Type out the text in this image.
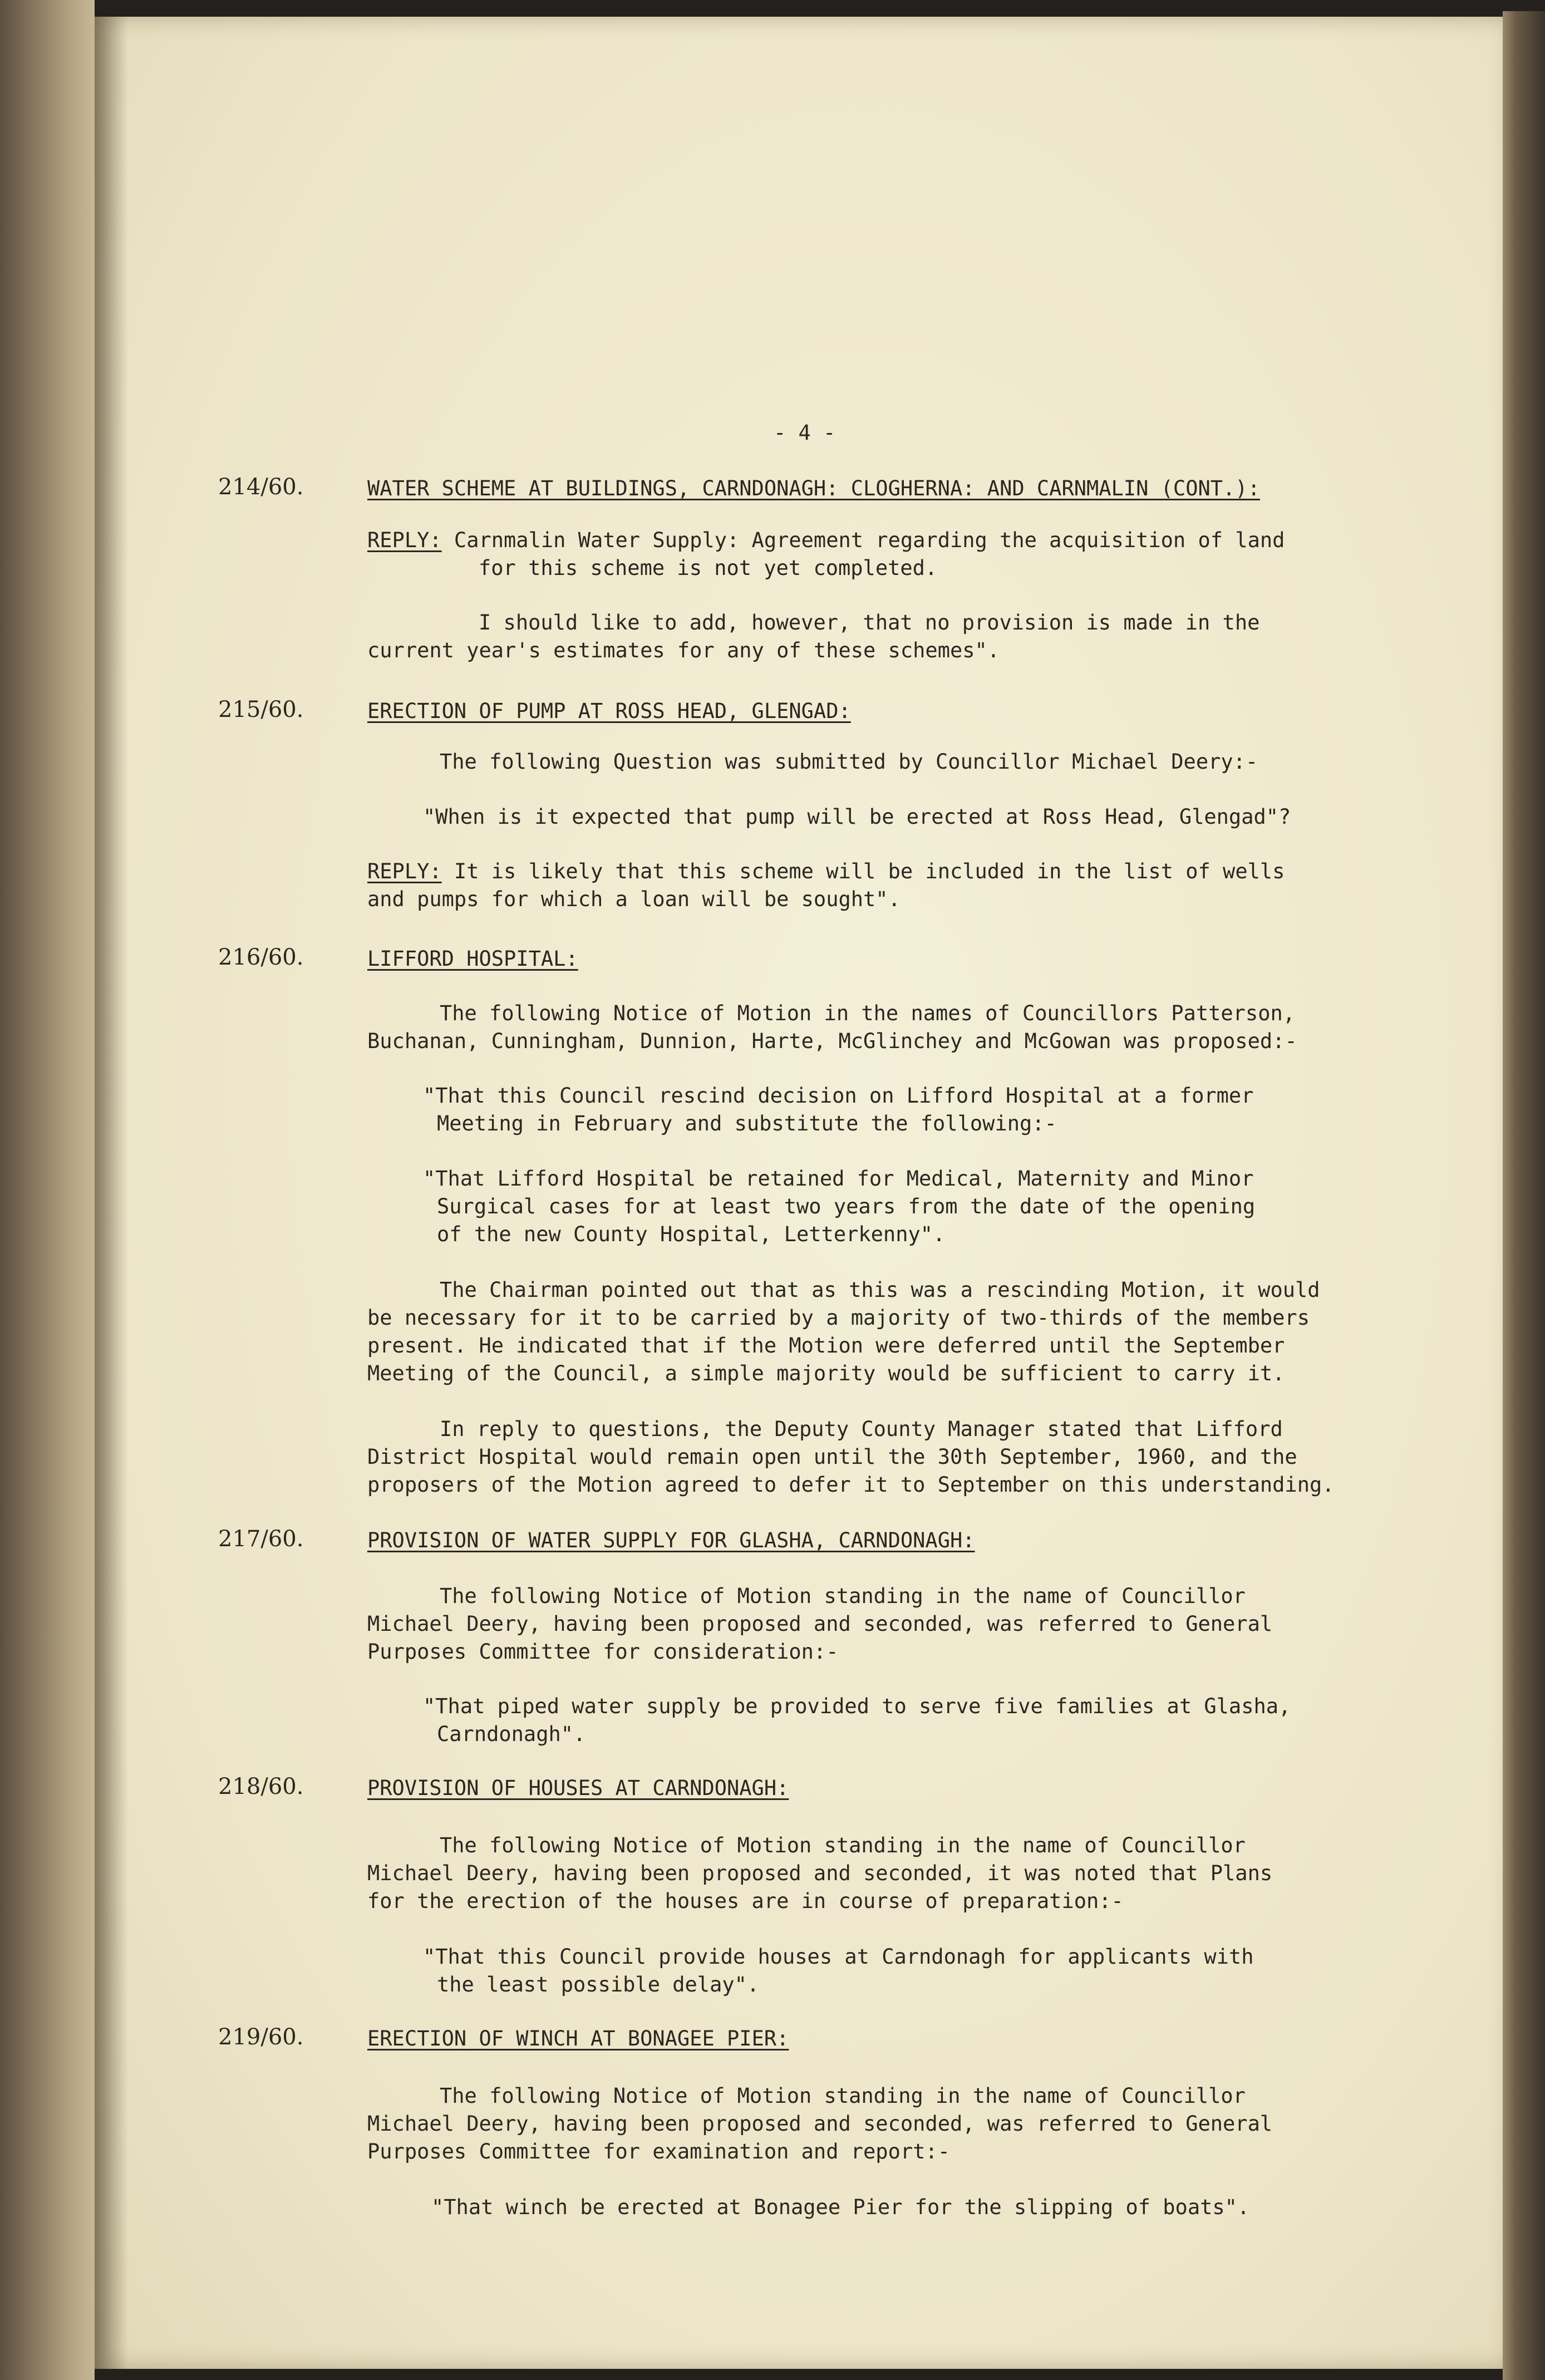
- 4 -
214/60.	WATER SCHEME AT BUILDINGS, CARNDONAGH: CLOGHERNA: AND CARNMALIN (CONT.):
REPLY: Carnmalin Water Supply: Agreement regarding the acquisition of land
for this scheme is not yet completed.
I should like to add, however, that no provision is made in the
current year's estimates for any of these schemes".
215/60.	ERECTION OF PUMP AT ROSS HEAD, GLENGAD:
The following Question was submitted by Councillor Michael Deery:-
"When is it expected that pump will be erected at Ross Head, Glengad"?
REPLY: It is likely that this scheme will be included in the list of wells
and pumps for which a loan will be sought".
216/60.	LIFFORD HOSPITAL:
The following Notice of Motion in the names of Councillors Patterson,
Buchanan, Cunningham, Dunnion, Harte, McGlinchey and McGowan was proposed:-
"That this Council rescind decision on Lifford Hospital at a former
Meeting in February and substitute the following:-
"That Lifford Hospital be retained for Medical, Maternity and Minor
Surgical cases for at least two years from the date of the opening
of the new County Hospital, Letterkenny".
The Chairman pointed out that as this was a rescinding Motion, it would
be necessary for it to be carried by a majority of two-thirds of the members
present. He indicated that if the Motion were deferred until the September
Meeting of the Council, a simple majority would be sufficient to carry it.
In reply to questions, the Deputy County Manager stated that Lifford
District Hospital would remain open until the 30th September, 1960, and the
proposers of the Motion agreed to defer it to September on this understanding.
217/60.	PROVISION OF WATER SUPPLY FOR GLASHA, CARNDONAGH:
The following Notice of Motion standing in the name of Councillor
Michael Deery, having been proposed and seconded, was referred to General
Purposes Committee for consideration:-
"That piped water supply be provided to serve five families at Glasha,
Carndonagh".
218/60.	PROVISION OF HOUSES AT CARNDONAGH:
The following Notice of Motion standing in the name of Councillor
Michael Deery, having been proposed and seconded, it was noted that Plans
for the erection of the houses are in course of preparation:-
"That this Council provide houses at Carndonagh for applicants with
the least possible delay".
219/60.	ERECTION OF WINCH AT BONAGEE PIER:
The following Notice of Motion standing in the name of Councillor
Michael Deery, having been proposed and seconded, was referred to General
Purposes Committee for examination and report:-
"That winch be erected at Bonagee Pier for the slipping of boats".
